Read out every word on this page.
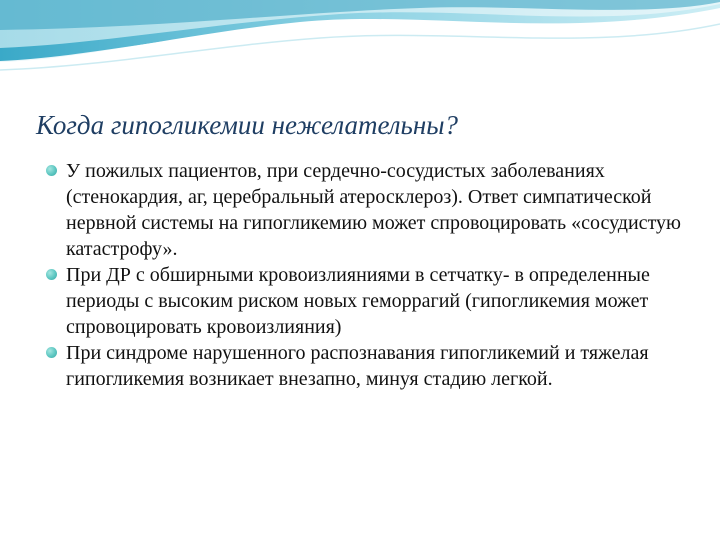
Когда гипогликемии нежелательны?
У пожилых пациентов, при сердечно-сосудистых заболеваниях (стенокардия, аг, церебральный атеросклероз). Ответ симпатической нервной системы на гипогликемию может спровоцировать «сосудистую катастрофу».
При ДР с обширными кровоизлияниями в сетчатку- в определенные периоды с высоким риском новых геморрагий (гипогликемия может спровоцировать кровоизлияния)
При синдроме нарушенного распознавания гипогликемий и тяжелая гипогликемия возникает внезапно, минуя стадию легкой.
